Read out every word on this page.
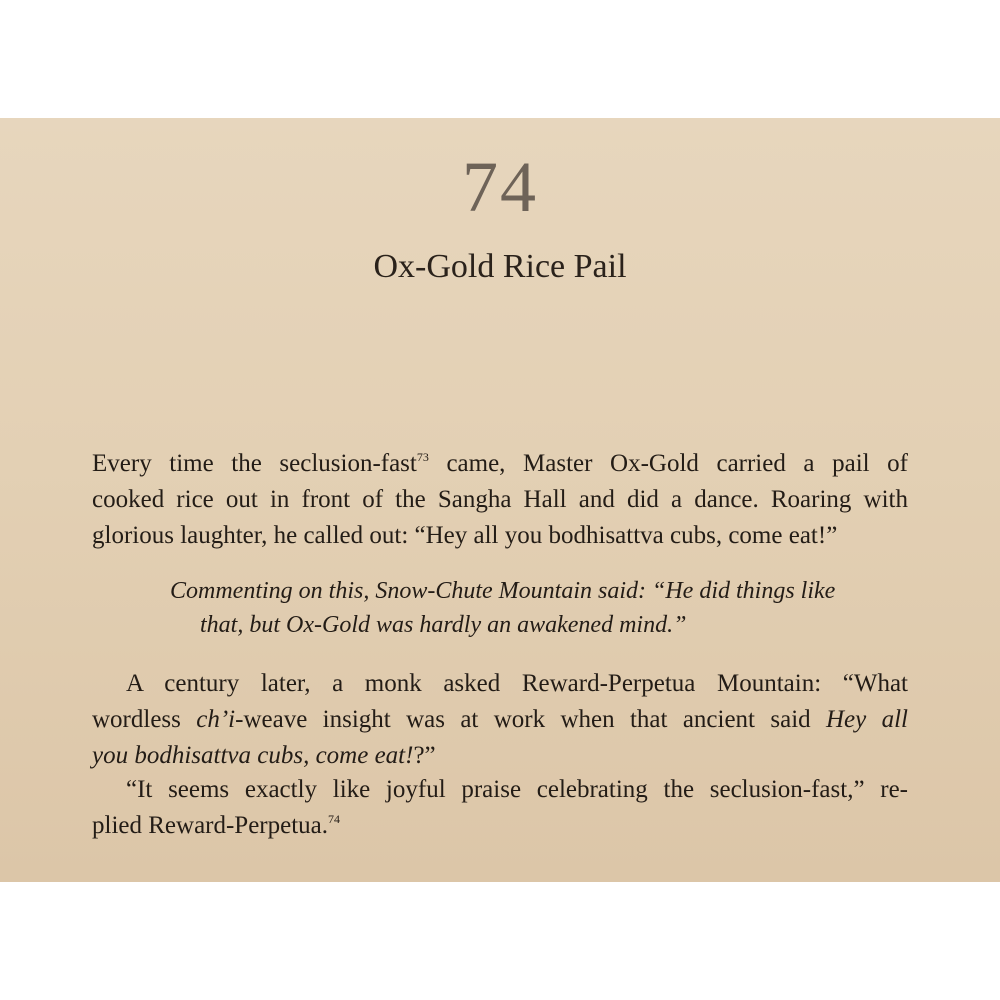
74
Ox-Gold Rice Pail

Every time the seclusion-fast$^{73}$ came, Master Ox-Gold carried a pail of
cooked rice out in front of the Sangha Hall and did a dance. Roaring with
glorious laughter, he called out: “Hey all you bodhisattva cubs, come eat!”

Commenting on this, Snow-Chute Mountain said: “He did things like
that, but Ox-Gold was hardly an awakened mind.”

A century later, a monk asked Reward-Perpetua Mountain: “What
wordless ch’i-weave insight was at work when that ancient said Hey all
you bodhisattva cubs, come eat!?”

“It seems exactly like joyful praise celebrating the seclusion-fast,” re-
plied Reward-Perpetua.$^{74}$
